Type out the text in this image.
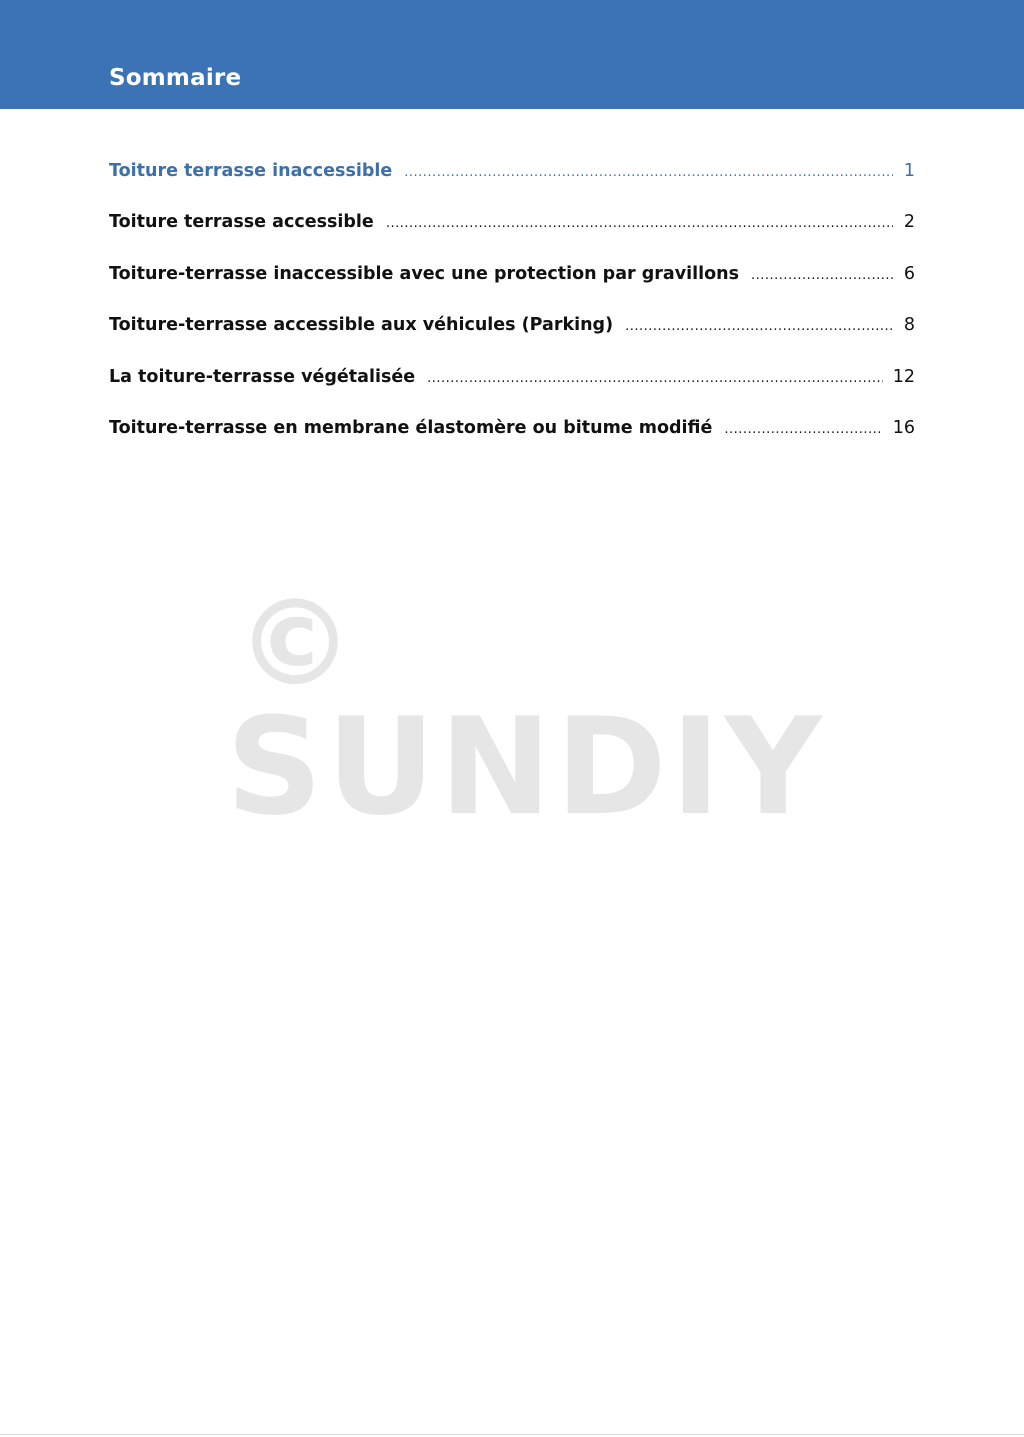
Sommaire
©
SUNDIY
Toiture terrasse inaccessible .....	1
Toiture terrasse accessible .....	2
Toiture-terrasse inaccessible avec une protection par gravillons .....	6
Toiture-terrasse accessible aux véhicules (Parking) .....	8
La toiture-terrasse végétalisée .....	12
Toiture-terrasse en membrane élastomère ou bitume modifié .....	16
